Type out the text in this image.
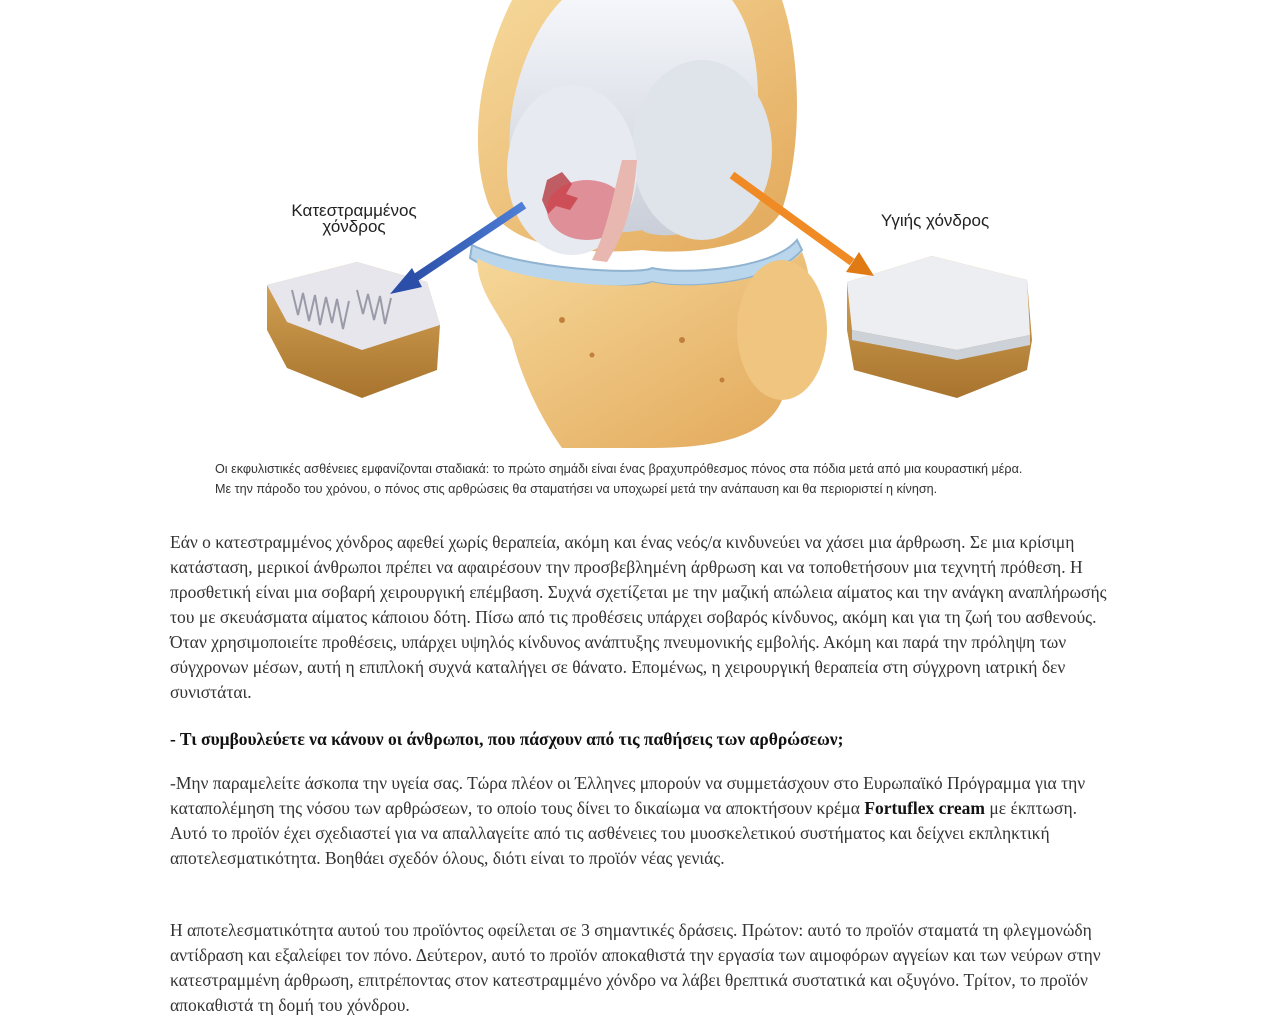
Κατεστραμμένος
χόνδρος	Υγιής χόνδρος
Οι εκφυλιστικές ασθένειες εμφανίζονται σταδιακά: το πρώτο σημάδι είναι ένας βραχυπρόθεσμος πόνος στα πόδια μετά από μια κουραστική μέρα. Με την πάροδο του χρόνου, ο πόνος στις αρθρώσεις θα σταματήσει να υποχωρεί μετά την ανάπαυση και θα περιοριστεί η κίνηση.

Εάν ο κατεστραμμένος χόνδρος αφεθεί χωρίς θεραπεία, ακόμη και ένας νεός/α κινδυνεύει να χάσει μια άρθρωση. Σε μια κρίσιμη κατάσταση, μερικοί άνθρωποι πρέπει να αφαιρέσουν την προσβεβλημένη άρθρωση και να τοποθετήσουν μια τεχνητή πρόθεση. Η προσθετική είναι μια σοβαρή χειρουργική επέμβαση. Συχνά σχετίζεται με την μαζική απώλεια αίματος και την ανάγκη αναπλήρωσής του με σκευάσματα αίματος κάποιου δότη. Πίσω από τις προθέσεις υπάρχει σοβαρός κίνδυνος, ακόμη και για τη ζωή του ασθενούς. Όταν χρησιμοποιείτε προθέσεις, υπάρχει υψηλός κίνδυνος ανάπτυξης πνευμονικής εμβολής. Ακόμη και παρά την πρόληψη των σύγχρονων μέσων, αυτή η επιπλοκή συχνά καταλήγει σε θάνατο. Επομένως, η χειρουργική θεραπεία στη σύγχρονη ιατρική δεν συνιστάται.

- Τι συμβουλεύετε να κάνουν οι άνθρωποι, που πάσχουν από τις παθήσεις των αρθρώσεων;

-Μην παραμελείτε άσκοπα την υγεία σας. Τώρα πλέον οι Έλληνες μπορούν να συμμετάσχουν στο Ευρωπαϊκό Πρόγραμμα για την καταπολέμηση της νόσου των αρθρώσεων, το οποίο τους δίνει το δικαίωμα να αποκτήσουν κρέμα Fortuflex cream με έκπτωση. Αυτό το προϊόν έχει σχεδιαστεί για να απαλλαγείτε από τις ασθένειες του μυοσκελετικού συστήματος και δείχνει εκπληκτική αποτελεσματικότητα. Βοηθάει σχεδόν όλους, διότι είναι το προϊόν νέας γενιάς.

Η αποτελεσματικότητα αυτού του προϊόντος οφείλεται σε 3 σημαντικές δράσεις. Πρώτον: αυτό το προϊόν σταματά τη φλεγμονώδη αντίδραση και εξαλείφει τον πόνο. Δεύτερον, αυτό το προϊόν αποκαθιστά την εργασία των αιμοφόρων αγγείων και των νεύρων στην κατεστραμμένη άρθρωση, επιτρέποντας στον κατεστραμμένο χόνδρο να λάβει θρεπτικά συστατικά και οξυγόνο. Τρίτον, το προϊόν αποκαθιστά τη δομή του χόνδρου.
